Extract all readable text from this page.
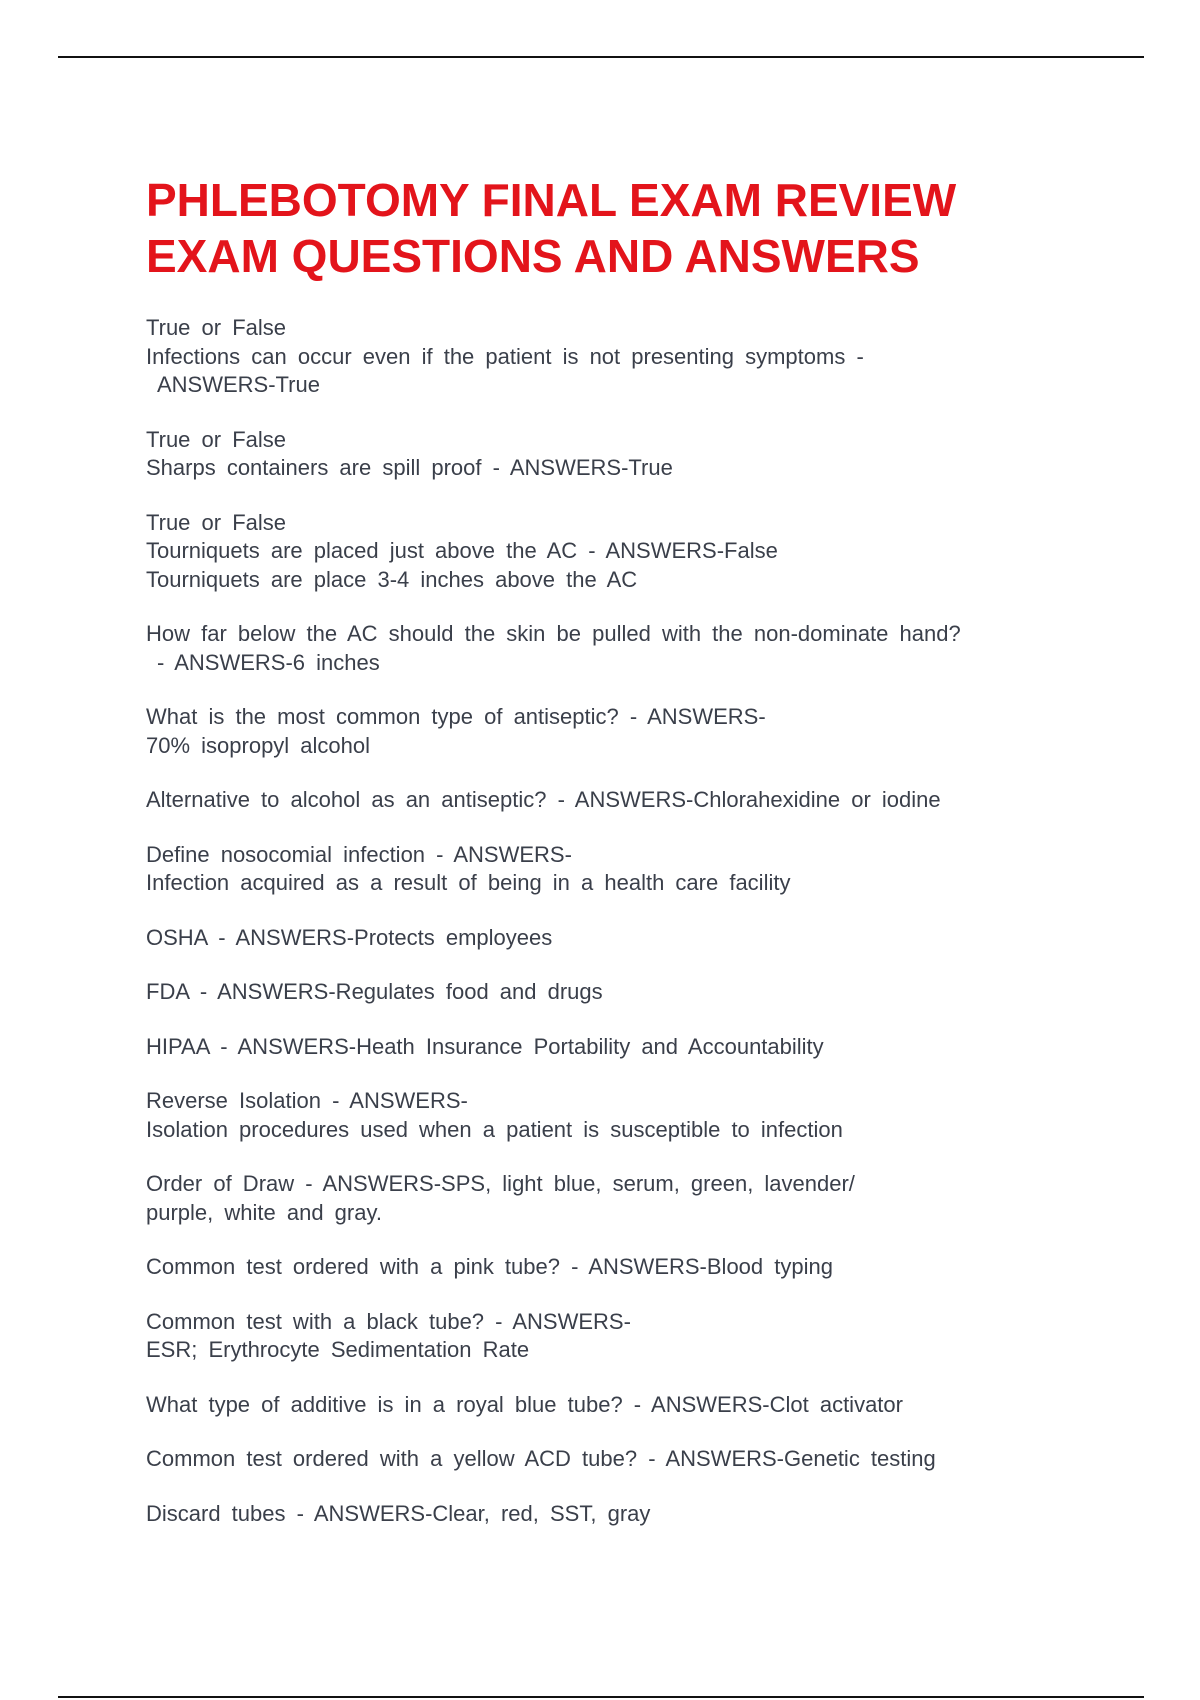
PHLEBOTOMY FINAL EXAM REVIEW
EXAM QUESTIONS AND ANSWERS
True or False
Infections can occur even if the patient is not presenting symptoms -
ANSWERS-True
True or False
Sharps containers are spill proof - ANSWERS-True
True or False
Tourniquets are placed just above the AC - ANSWERS-False
Tourniquets are place 3-4 inches above the AC
How far below the AC should the skin be pulled with the non-dominate hand?
- ANSWERS-6 inches
What is the most common type of antiseptic? - ANSWERS-
70% isopropyl alcohol
Alternative to alcohol as an antiseptic? - ANSWERS-Chlorahexidine or iodine
Define nosocomial infection - ANSWERS-
Infection acquired as a result of being in a health care facility
OSHA - ANSWERS-Protects employees
FDA - ANSWERS-Regulates food and drugs
HIPAA - ANSWERS-Heath Insurance Portability and Accountability
Reverse Isolation - ANSWERS-
Isolation procedures used when a patient is susceptible to infection
Order of Draw - ANSWERS-SPS, light blue, serum, green, lavender/
purple, white and gray.
Common test ordered with a pink tube? - ANSWERS-Blood typing
Common test with a black tube? - ANSWERS-
ESR; Erythrocyte Sedimentation Rate
What type of additive is in a royal blue tube? - ANSWERS-Clot activator
Common test ordered with a yellow ACD tube? - ANSWERS-Genetic testing
Discard tubes - ANSWERS-Clear, red, SST, gray
